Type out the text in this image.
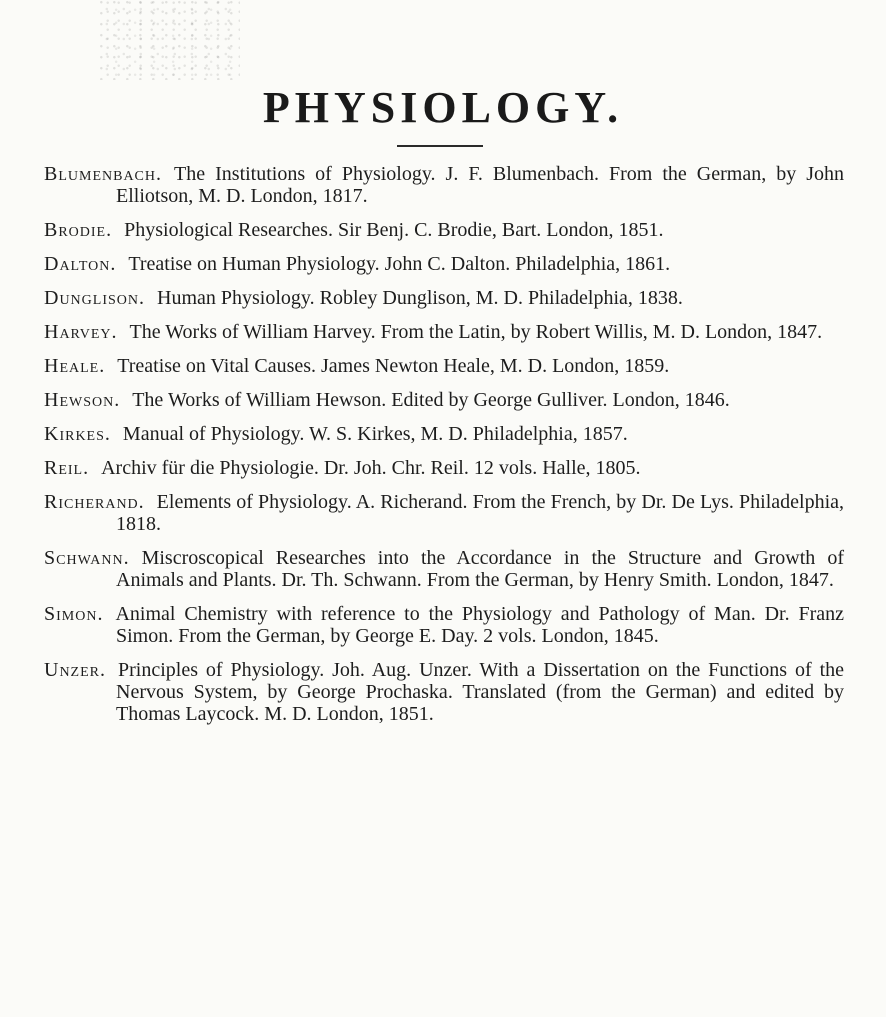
PHYSIOLOGY.
Blumenbach. The Institutions of Physiology. J. F. Blumenbach. From the German, by John Elliotson, M. D. London, 1817.
Brodie. Physiological Researches. Sir Benj. C. Brodie, Bart. London, 1851.
Dalton. Treatise on Human Physiology. John C. Dalton. Philadelphia, 1861.
Dunglison. Human Physiology. Robley Dunglison, M. D. Philadelphia, 1838.
Harvey. The Works of William Harvey. From the Latin, by Robert Willis, M. D. London, 1847.
Heale. Treatise on Vital Causes. James Newton Heale, M. D. London, 1859.
Hewson. The Works of William Hewson. Edited by George Gulliver. London, 1846.
Kirkes. Manual of Physiology. W. S. Kirkes, M. D. Philadelphia, 1857.
Reil. Archiv für die Physiologie. Dr. Joh. Chr. Reil. 12 vols. Halle, 1805.
Richerand. Elements of Physiology. A. Richerand. From the French, by Dr. De Lys. Philadelphia, 1818.
Schwann. Miscroscopical Researches into the Accordance in the Structure and Growth of Animals and Plants. Dr. Th. Schwann. From the German, by Henry Smith. London, 1847.
Simon. Animal Chemistry with reference to the Physiology and Pathology of Man. Dr. Franz Simon. From the German, by George E. Day. 2 vols. London, 1845.
Unzer. Principles of Physiology. Joh. Aug. Unzer. With a Dissertation on the Functions of the Nervous System, by George Prochaska. Translated (from the German) and edited by Thomas Laycock. M. D. London, 1851.
